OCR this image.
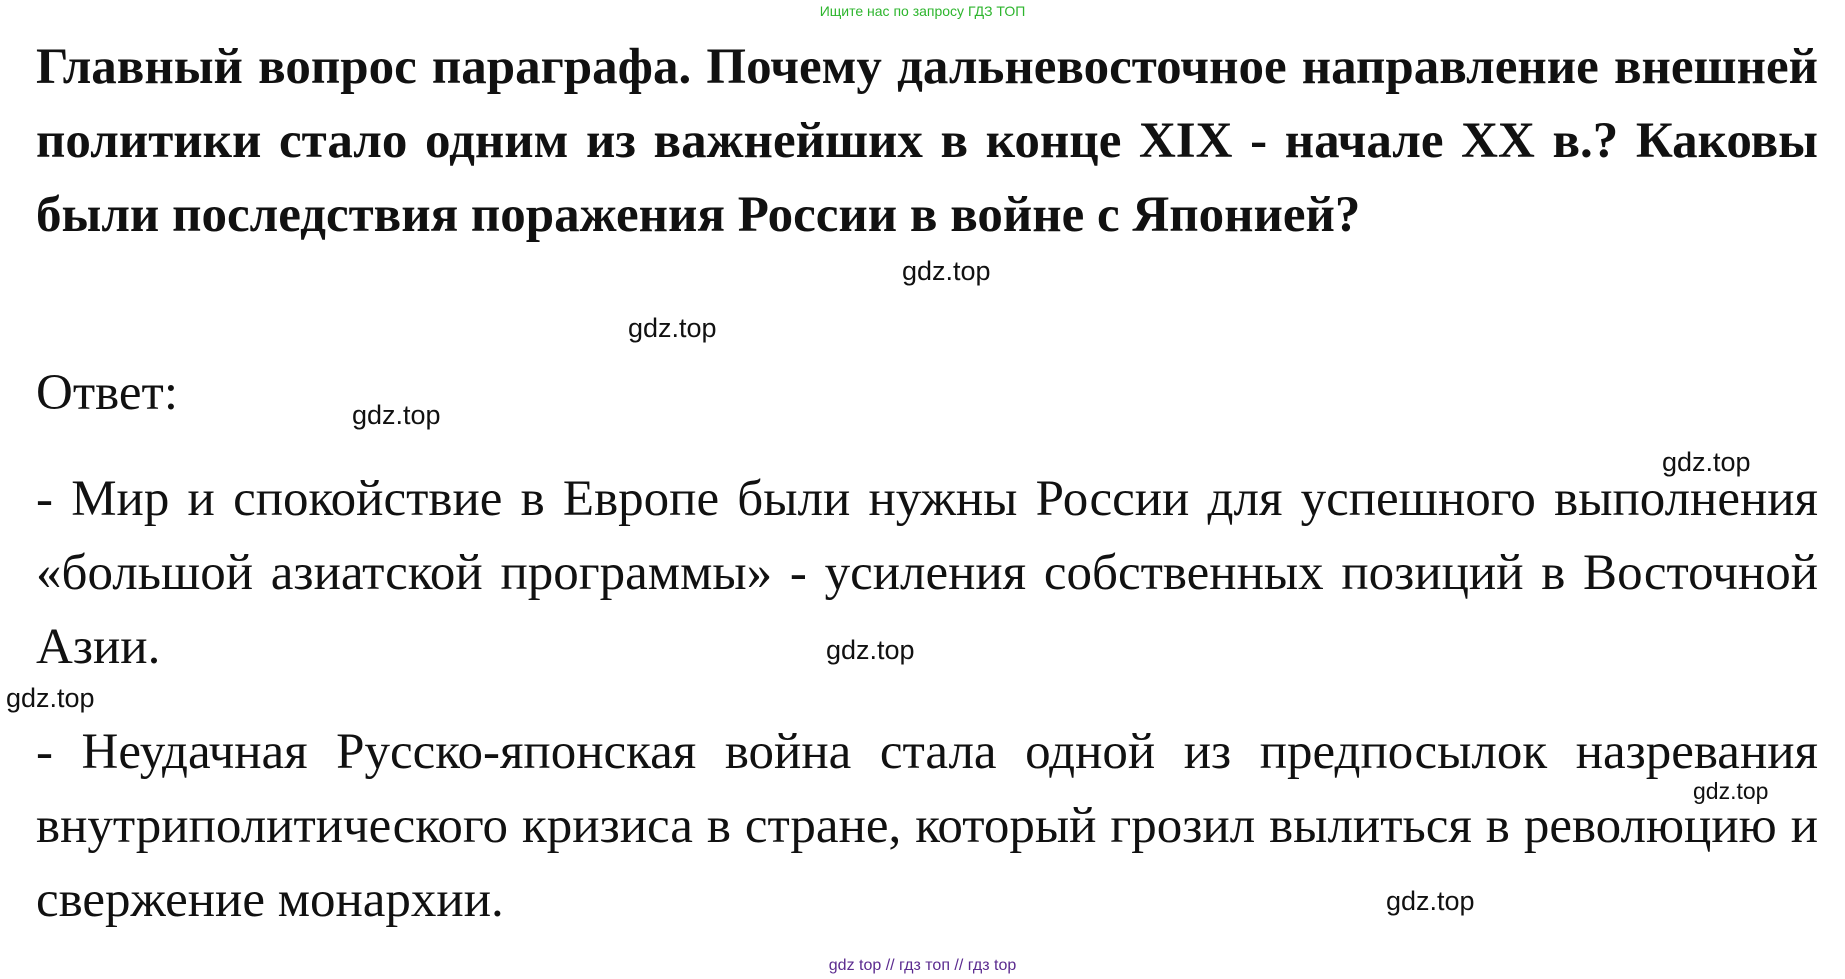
Ищите нас по запросу ГДЗ ТОП
Главный вопрос параграфа. Почему дальневосточное направление внешней политики стало одним из важнейших в конце XIX - начале XX в.? Каковы были последствия поражения России в войне с Японией?
Ответ:
- Мир и спокойствие в Европе были нужны России для успешного выполнения «большой азиатской программы» - усиления собственных позиций в Восточной Азии.
- Неудачная Русско-японская война стала одной из предпосылок назревания внутриполитического кризиса в стране, который грозил вылиться в революцию и свержение монархии.
gdz.top
gdz.top
gdz.top
gdz.top
gdz.top
gdz.top
gdz.top
gdz.top
gdz top // гдз топ // гдз top
